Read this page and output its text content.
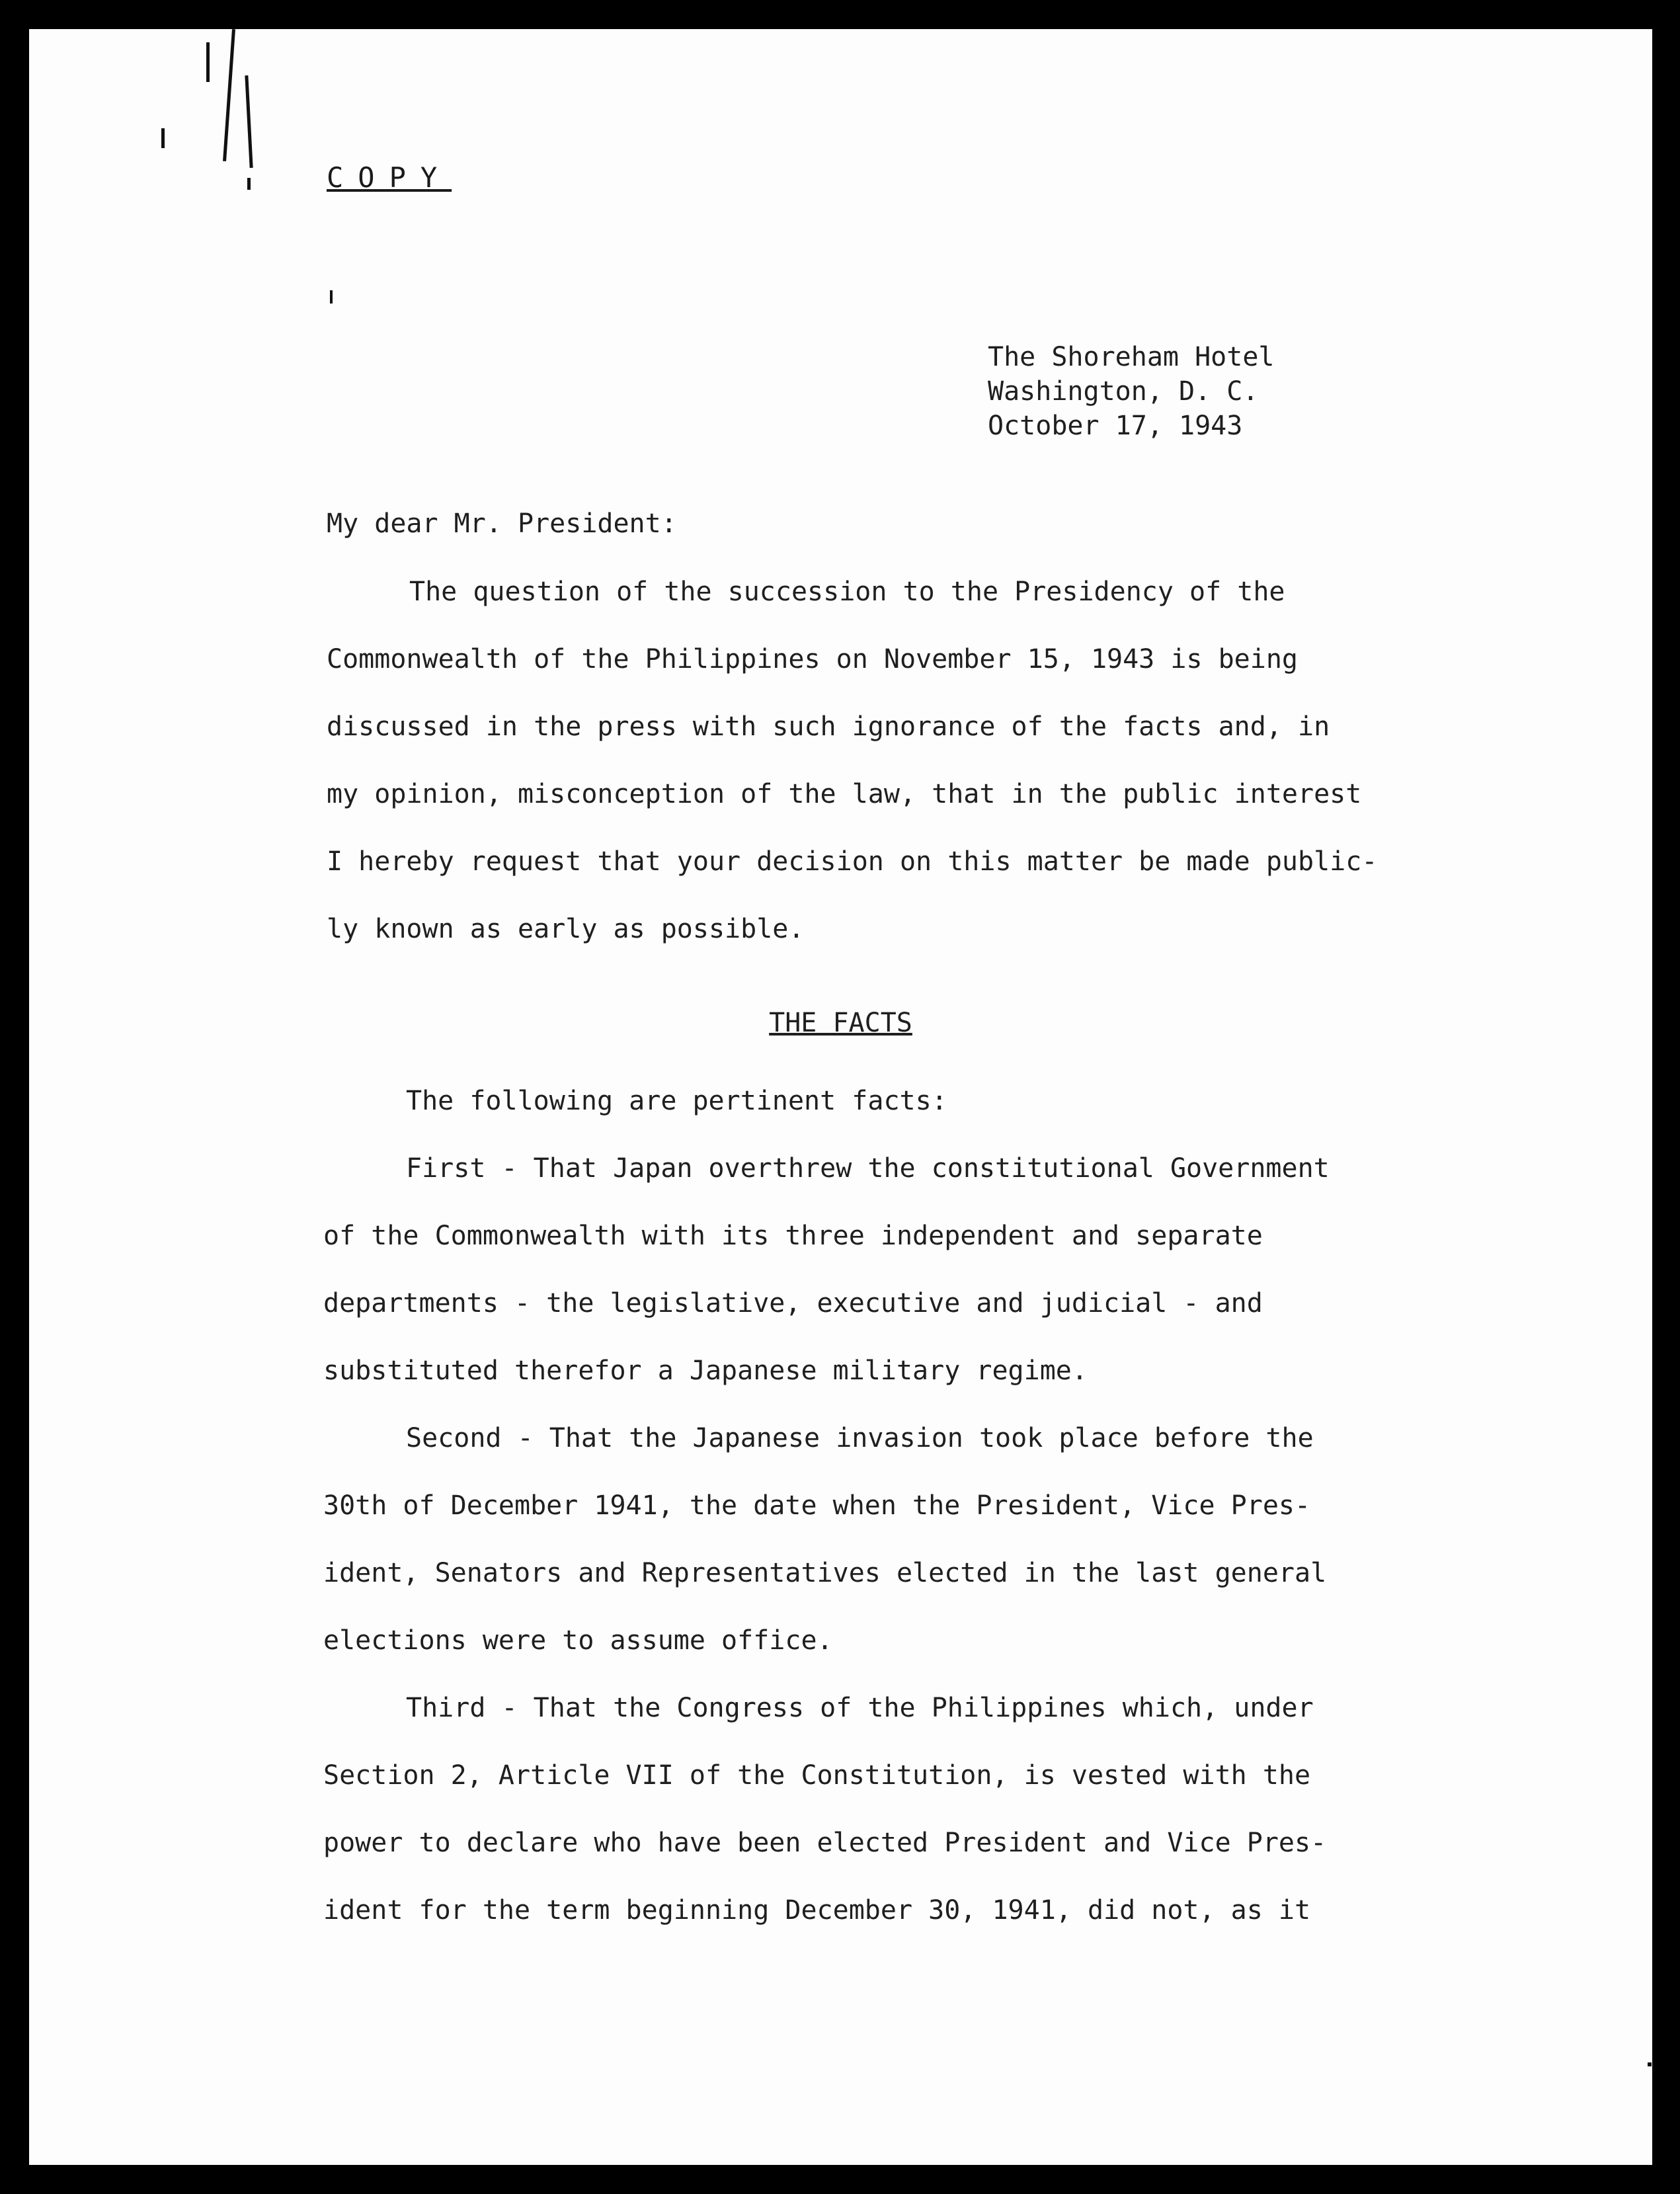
COPY
The Shoreham Hotel
Washington, D. C.
October 17, 1943
My dear Mr. President:
The question of the succession to the Presidency of the
Commonwealth of the Philippines on November 15, 1943 is being
discussed in the press with such ignorance of the facts and, in
my opinion, misconception of the law, that in the public interest
I hereby request that your decision on this matter be made public-
ly known as early as possible.
THE FACTS
The following are pertinent facts:
First - That Japan overthrew the constitutional Government
of the Commonwealth with its three independent and separate
departments - the legislative, executive and judicial - and
substituted therefor a Japanese military regime.
Second - That the Japanese invasion took place before the
30th of December 1941, the date when the President, Vice Pres-
ident, Senators and Representatives elected in the last general
elections were to assume office.
Third - That the Congress of the Philippines which, under
Section 2, Article VII of the Constitution, is vested with the
power to declare who have been elected President and Vice Pres-
ident for the term beginning December 30, 1941, did not, as it
